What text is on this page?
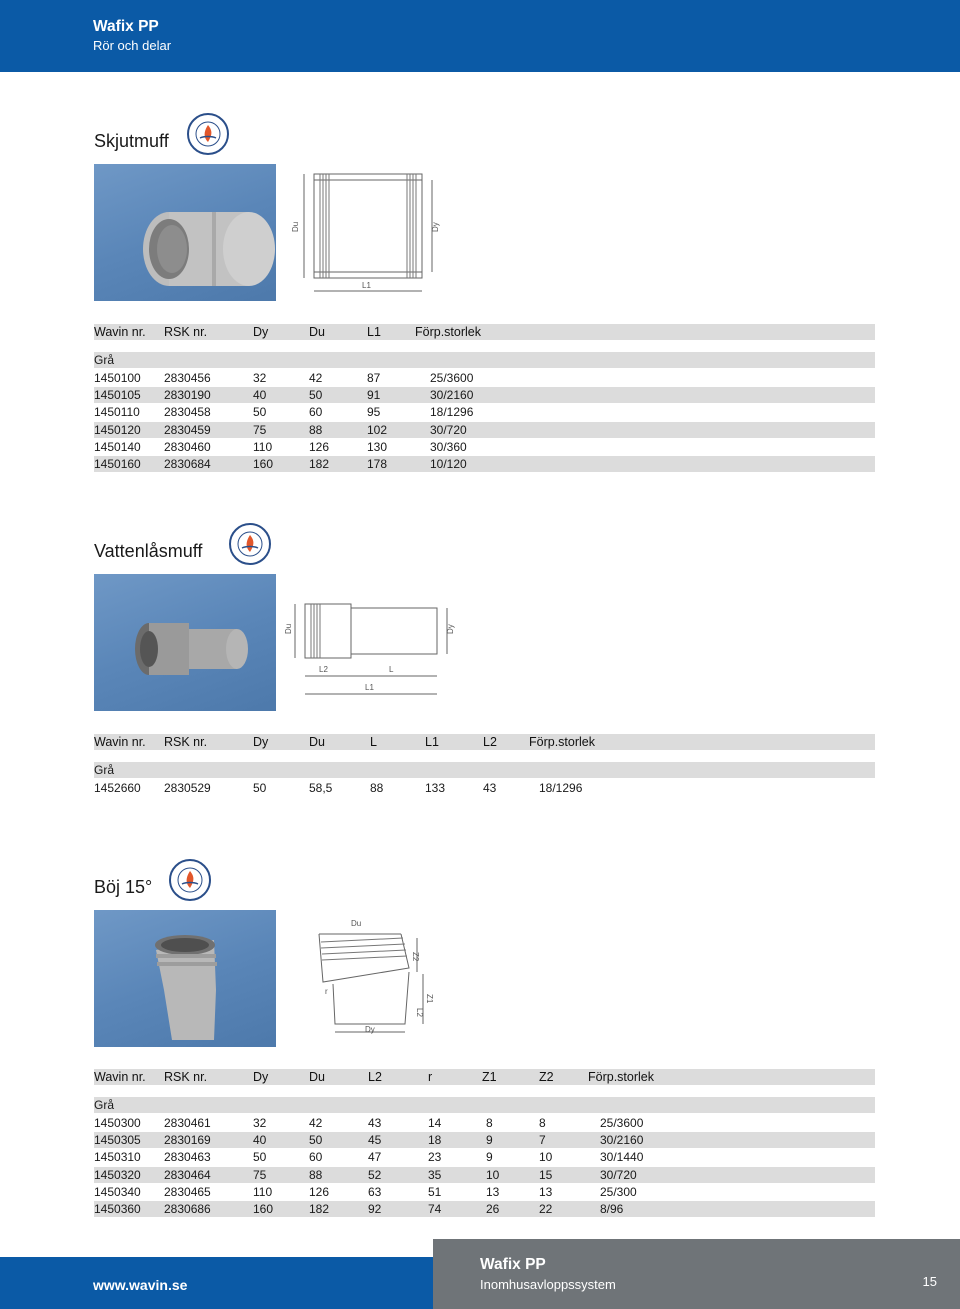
Wafix PP
Rör och delar
Skjutmuff
Du	Dy
L1
Wavin nr. RSK nr.	Dy	Du	L1	Förp.storlek
Grå
1450100 2830456	32	42	87	25/3600
1450105 2830190	40	50	91	30/2160
1450110 2830458	50	60	95	18/1296
1450120 2830459	75	88	102	30/720
1450140 2830460	110	126	130	30/360
1450160 2830684	160	182	178	10/120
Vattenlåsmuff
Du	Dy
L2	L
L1
Wavin nr. RSK nr.	Dy	Du	L	L1	L2	Förp.storlek
Grå
1452660 2830529	50	58,5	88	133	43	18/1296
Böj 15°
Du
Z2
r
Z1
L2
Dy
Wavin nr. RSK nr.	Dy	Du	L2	r	Z1	Z2	Förp.storlek
Grå
1450300 2830461	32	42	43	14	8	8	25/3600
1450305 2830169	40	50	45	18	9	7	30/2160
1450310 2830463	50	60	47	23	9	10	30/1440
1450320 2830464	75	88	52	35	10	15	30/720
1450340 2830465	110	126	63	51	13	13	25/300
1450360 2830686	160	182	92	74	26	22	8/96
www.wavin.se
Wafix PP
Inomhusavloppssystem	15
